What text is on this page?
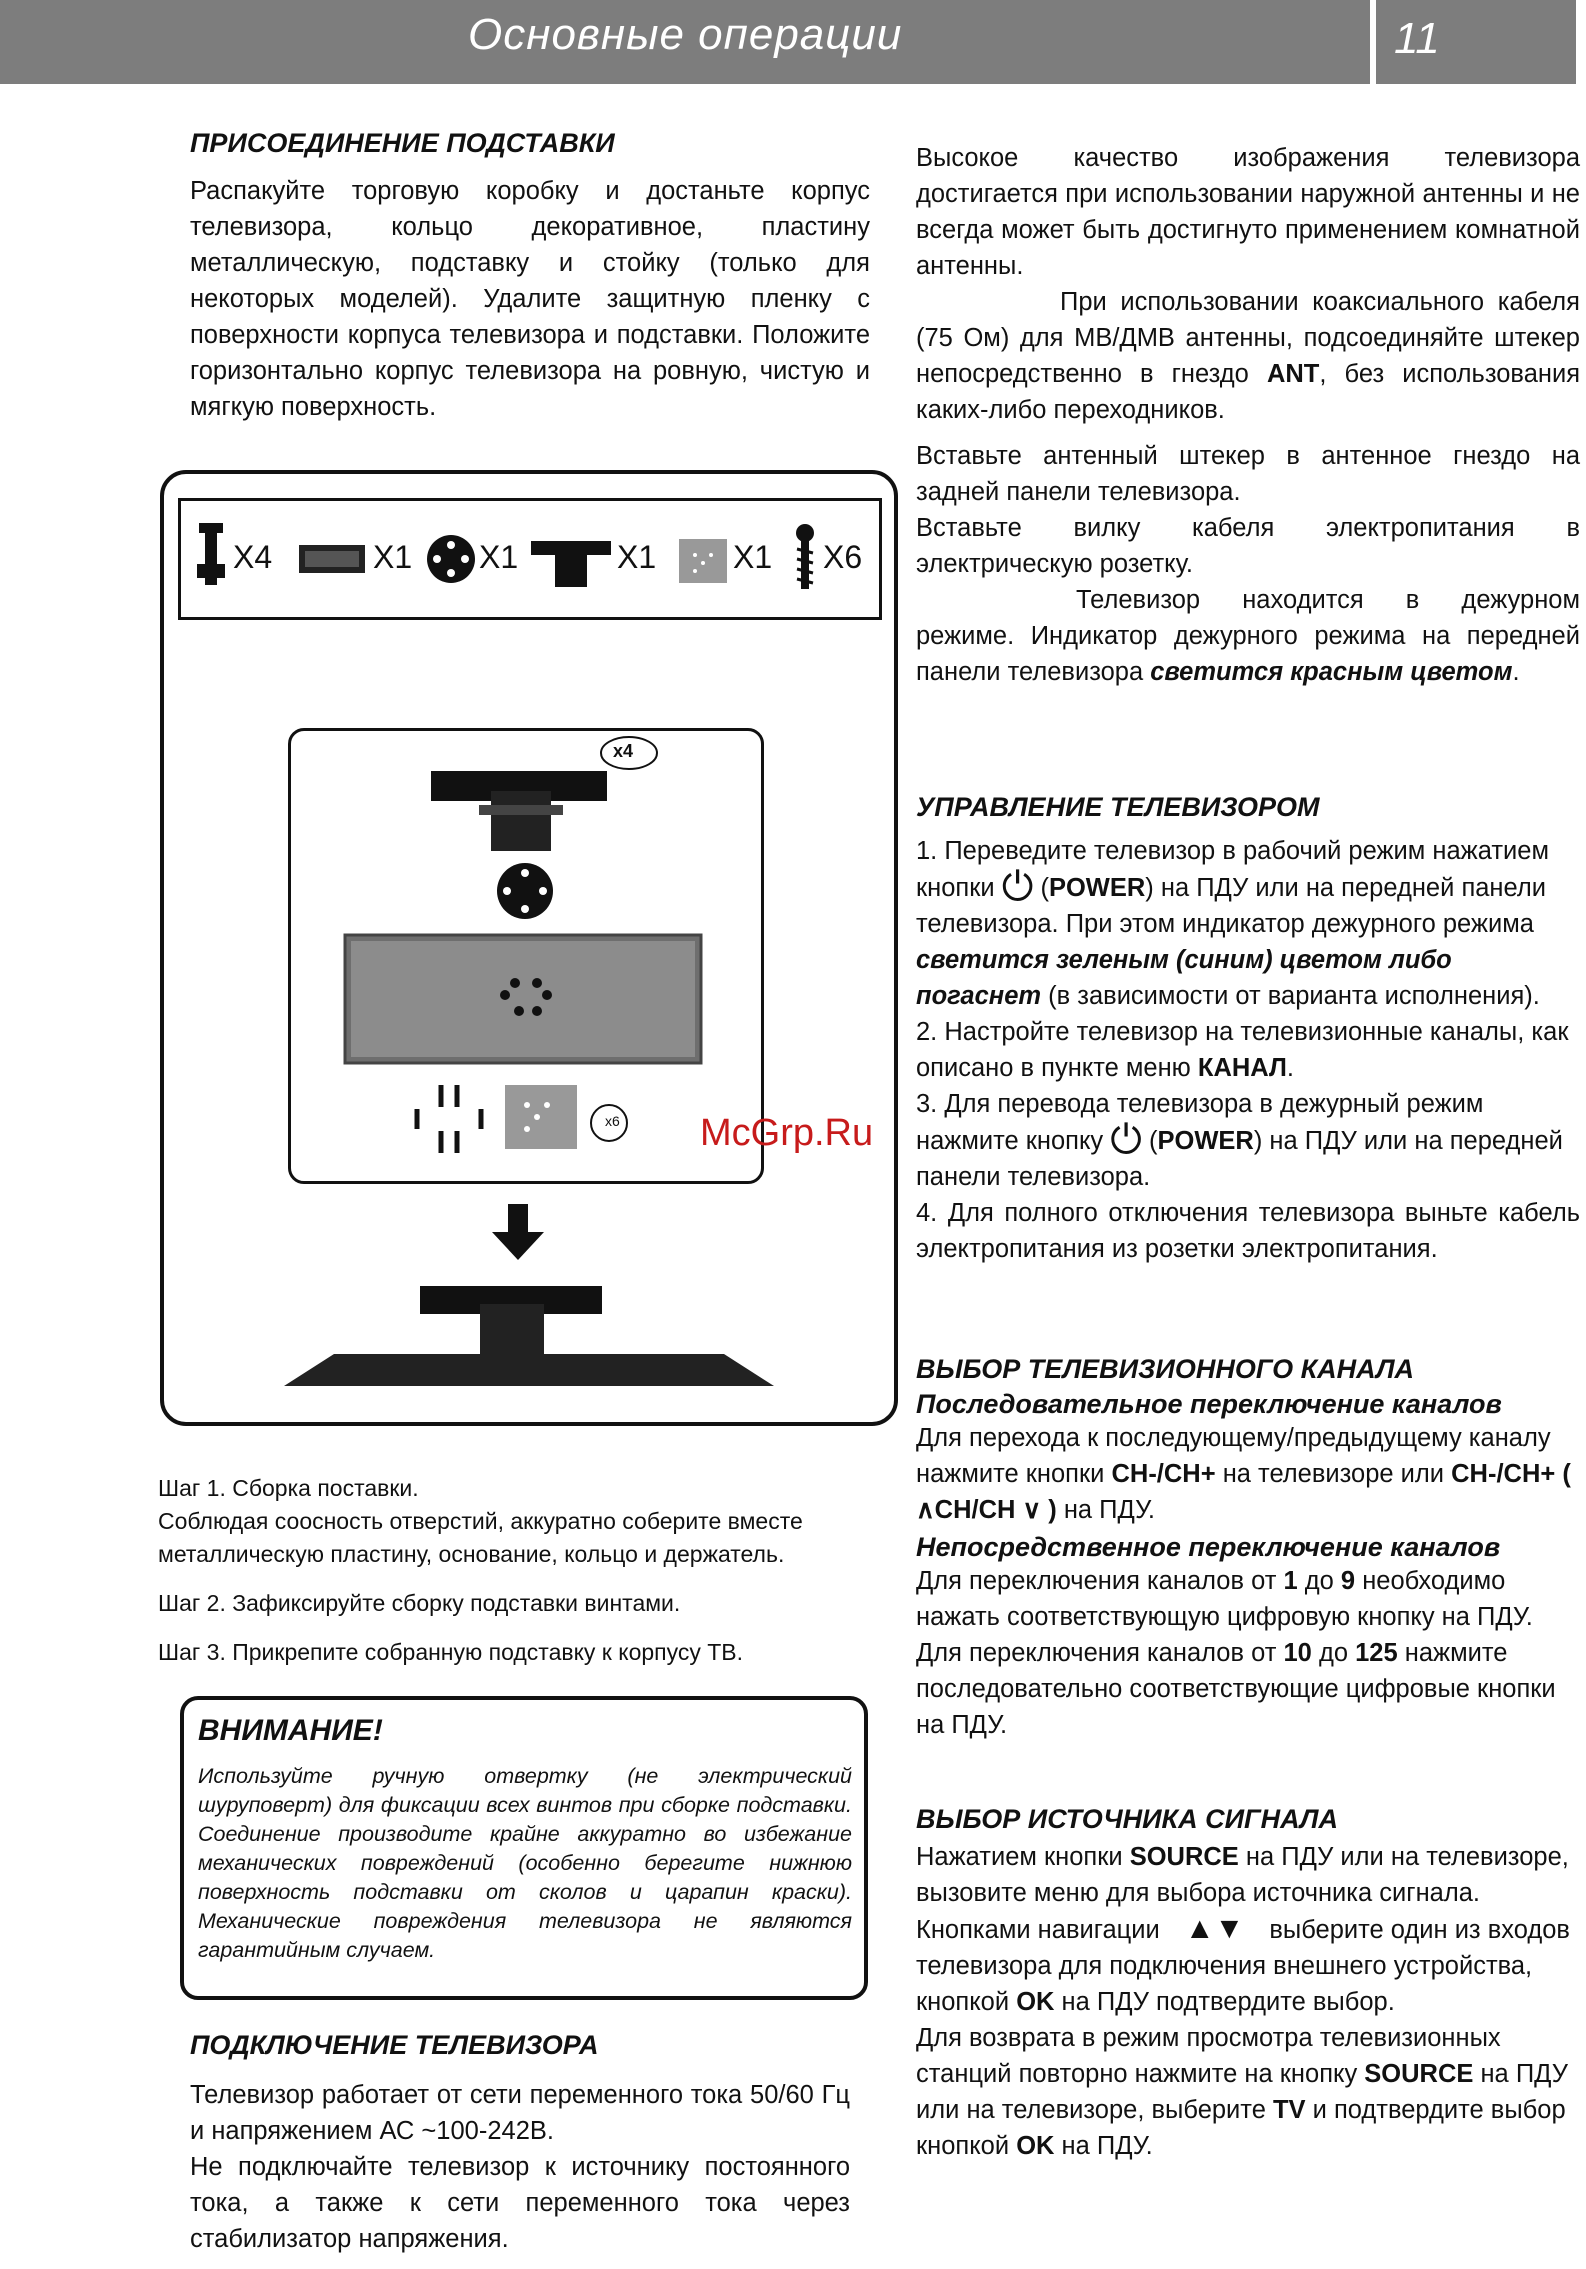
Основные операции	11

ПРИСОЕДИНЕНИЕ ПОДСТАВКИ

Распакуйте торговую коробку и достаньте корпус телевизора, кольцо декоративное, пластину металлическую, подставку и стойку (только для некоторых моделей). Удалите защитную пленку с поверхности корпуса телевизора и подставки. Положите горизонтально корпус телевизора на ровную, чистую и мягкую поверхность.

X4	X1 X1	X1 X1 X6
x4
x6

Шаг 1. Сборка поставки.

Соблюдая соосность отверстий, аккуратно соберите вместе металлическую пластину, основание, кольцо и держатель.

Шаг 2. Зафиксируйте сборку подставки винтами.

Шаг 3. Прикрепите собранную подставку к корпусу ТВ.

ВНИМАНИЕ!
Используйте ручную отвертку (не электрический шуруповерт) для фиксации всех винтов при сборке подставки. Соединение производите крайне аккуратно во избежание механических повреждений (особенно берегите нижнюю поверхность подставки от сколов и царапин краски). Механические повреждения телевизора не являются гарантийным случаем.

ПОДКЛЮЧЕНИЕ ТЕЛЕВИЗОРА

Телевизор работает от сети переменного тока 50/60 Гц и напряжением АС ~100-242В.

Не подключайте телевизор к источнику постоянного тока, а также к сети переменного тока через стабилизатор напряжения.

Высокое качество изображения телевизора достигается при использовании наружной антенны и не всегда может быть достигнуто применением комнатной антенны.

При использовании коаксиального кабеля (75 Ом) для МВ/ДМВ антенны, подсоединяйте штекер непосредственно в гнездо ANT, без использования каких-либо переходников.

Вставьте антенный штекер в антенное гнездо на задней панели телевизора.

Вставьте вилку кабеля электропитания в электрическую розетку.

Телевизор находится в дежурном режиме. Индикатор дежурного режима на передней панели телевизора светится красным цветом.

УПРАВЛЕНИЕ ТЕЛЕВИЗОРОМ

1. Переведите телевизор в рабочий режим нажатием кнопки ⏻ (POWER) на ПДУ или на передней панели телевизора. При этом индикатор дежурного режима светится зеленым (синим) цветом либо погаснет (в зависимости от варианта исполнения).

2. Настройте телевизор на телевизионные каналы, как описано в пункте меню КАНАЛ.

3. Для перевода телевизора в дежурный режим нажмите кнопку ⏻ (POWER) на ПДУ или на передней панели телевизора.

4. Для полного отключения телевизора выньте кабель электропитания из розетки электропитания.

ВЫБОР ТЕЛЕВИЗИОННОГО КАНАЛА

Последовательное переключение каналов

Для перехода к последующему/предыдущему каналу нажмите кнопки CH-/CH+ на телевизоре или CH-/CH+ ( ∧CH/CH ∨ ) на ПДУ.

Непосредственное переключение каналов

Для переключения каналов от 1 до 9 необходимо нажать соответствующую цифровую кнопку на ПДУ.

Для переключения каналов от 10 до 125 нажмите последовательно соответствующие цифровые кнопки на ПДУ.

ВЫБОР ИСТОЧНИКА СИГНАЛА

Нажатием кнопки SOURCE на ПДУ или на телевизоре, вызовите меню для выбора источника сигнала.

Кнопками навигации ▲▼ выберите один из входов телевизора для подключения внешнего устройства, кнопкой OK на ПДУ подтвердите выбор.

Для возврата в режим просмотра телевизионных станций повторно нажмите на кнопку SOURCE на ПДУ или на телевизоре, выберите TV и подтвердите выбор кнопкой OK на ПДУ.

McGrp.Ru
